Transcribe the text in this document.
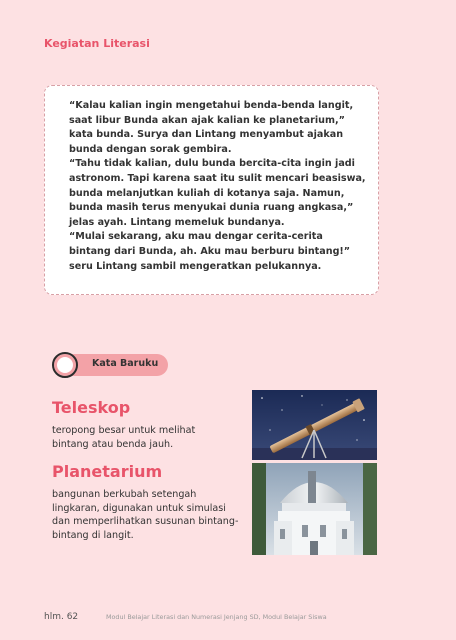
Kegiatan Literasi

“Kalau kalian ingin mengetahui benda-benda langit, saat libur Bunda akan ajak kalian ke planetarium,” kata bunda. Surya dan Lintang menyambut ajakan bunda dengan sorak gembira.

“Tahu tidak kalian, dulu bunda bercita-cita ingin jadi astronom. Tapi karena saat itu sulit mencari beasiswa, bunda melanjutkan kuliah di kotanya saja. Namun, bunda masih terus menyukai dunia ruang angkasa,” jelas ayah. Lintang memeluk bundanya.

“Mulai sekarang, aku mau dengar cerita-cerita bintang dari Bunda, ah. Aku mau berburu bintang!” seru Lintang sambil mengeratkan pelukannya.

Kata Baruku
Teleskop
teropong besar untuk melihat bintang atau benda jauh.
Planetarium
bangunan berkubah setengah lingkaran, digunakan untuk simulasi dan memperlihatkan susunan bintang-bintang di langit.
hlm. 62	Modul Belajar Literasi dan Numerasi Jenjang SD, Modul Belajar Siswa
